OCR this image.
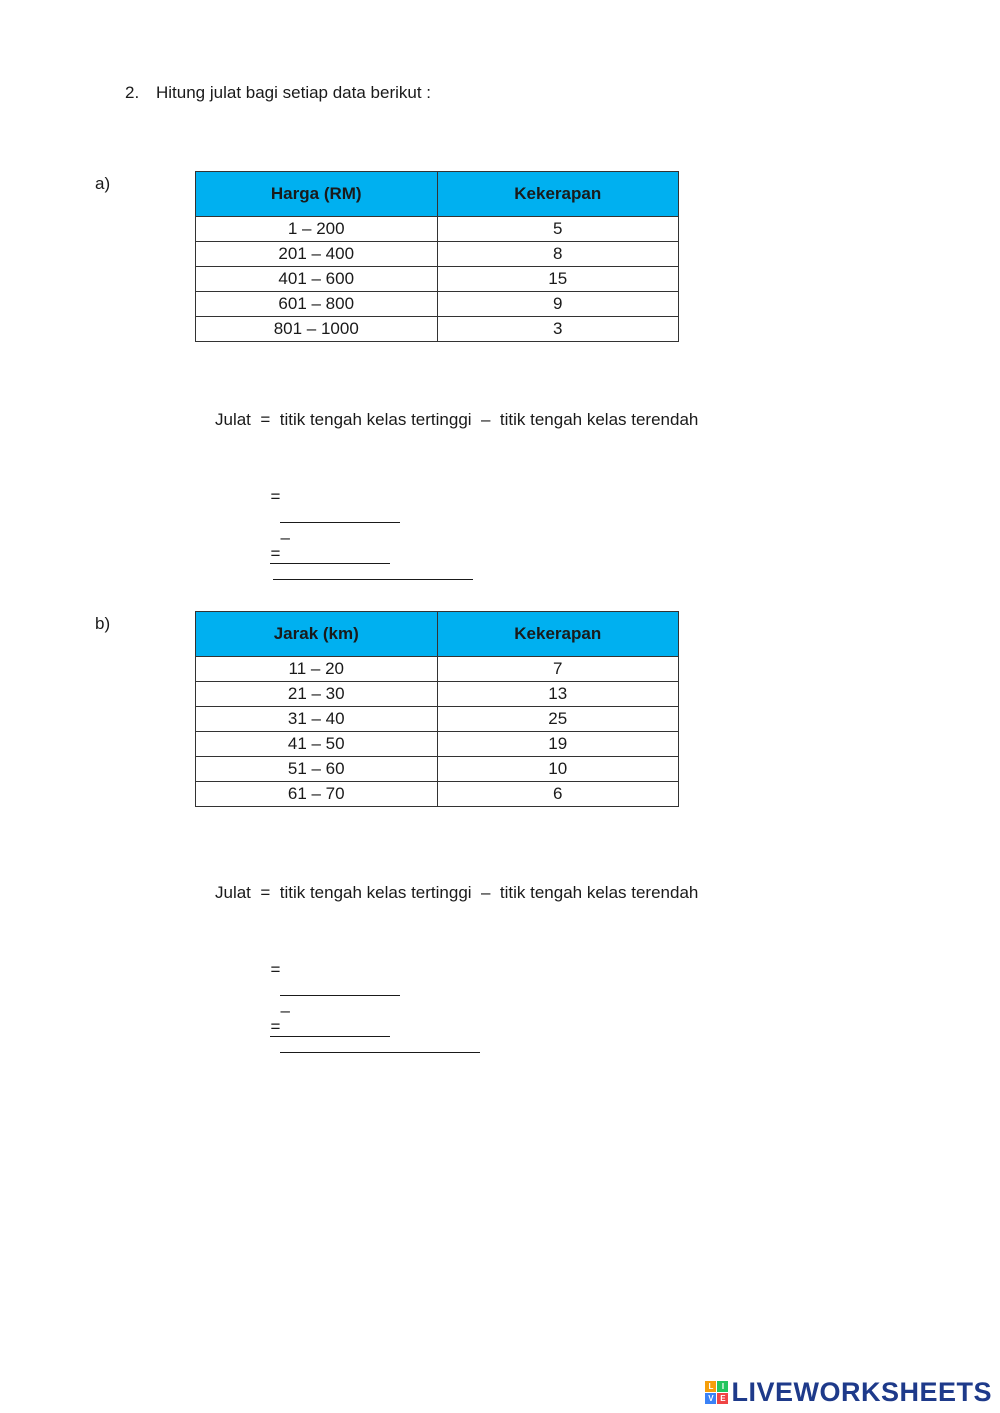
2. Hitung julat bagi setiap data berikut :
a)
Harga (RM)	Kekerapan
1 – 200	5
201 – 400	8
401 – 600	15
601 – 800	9
801 – 1000	3
Julat  =  titik tengah kelas tertinggi  –  titik tengah kelas terendah

=

–

=

b)
Jarak (km)	Kekerapan
11 – 20	7
21 – 30	13
31 – 40	25
41 – 50	19
51 – 60	10
61 – 70	6
Julat  =  titik tengah kelas tertinggi  –  titik tengah kelas terendah

=

–

=

L	I
V E LIVEWORKSHEETS
